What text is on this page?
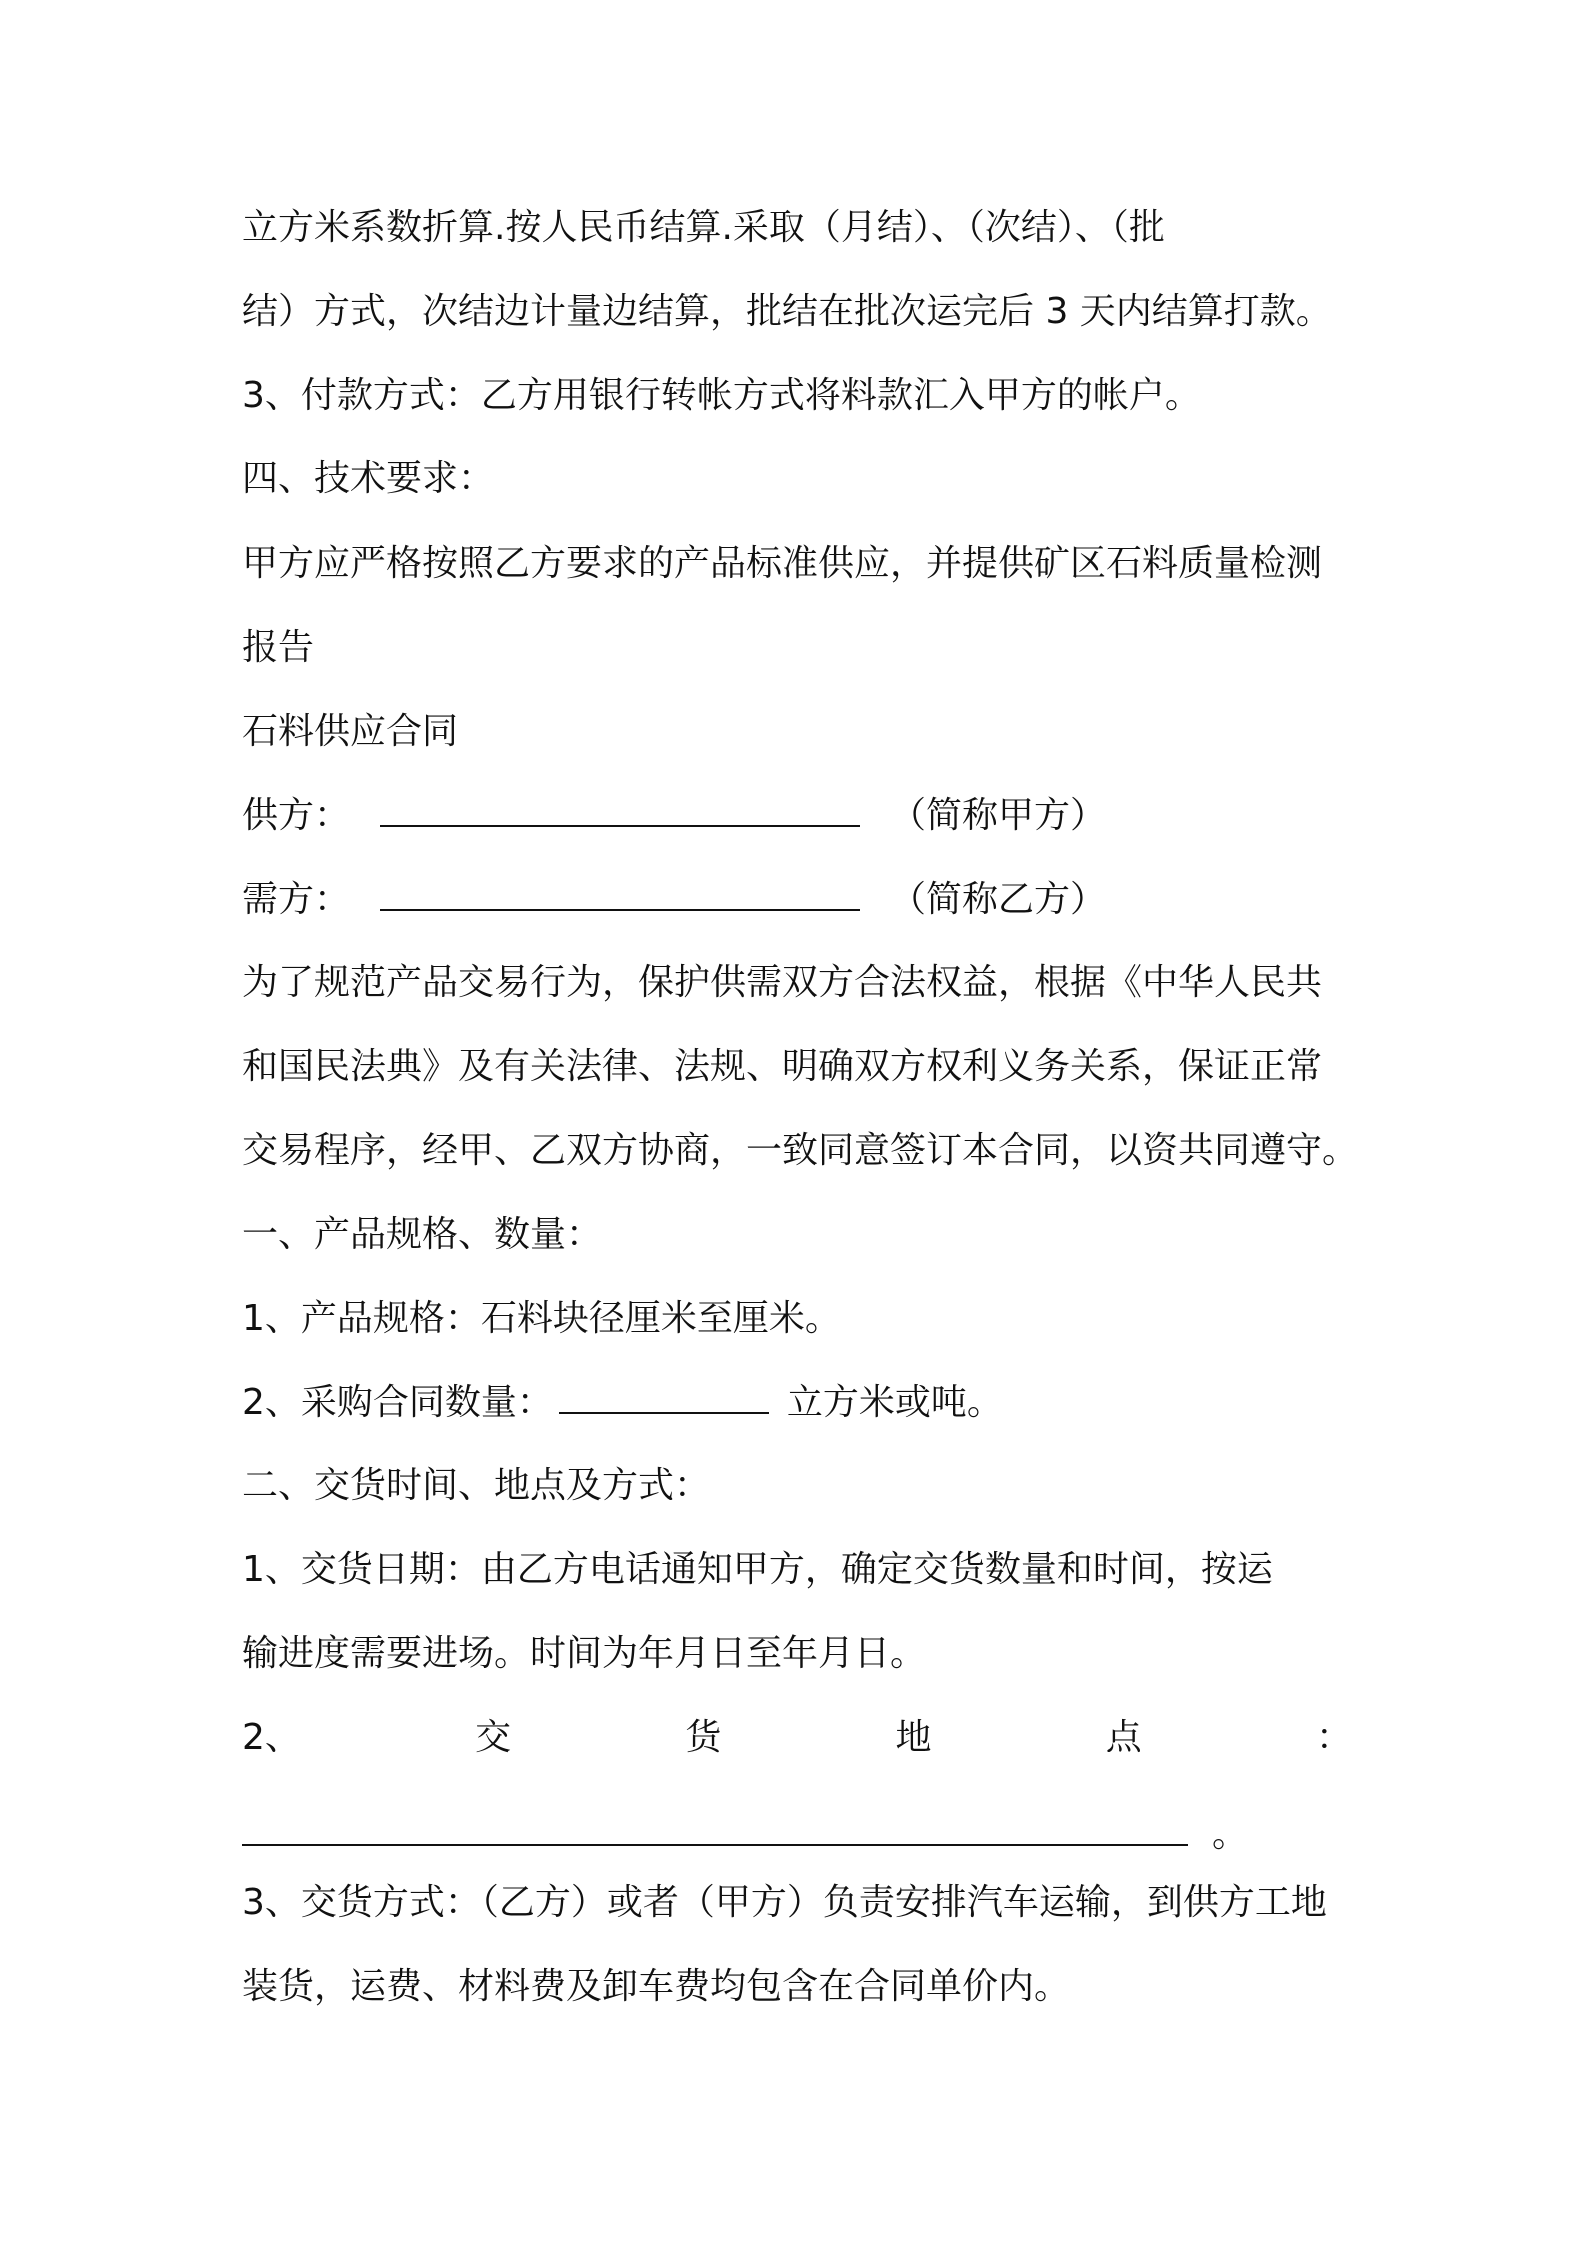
立方米系数折算.按人民币结算.采取（月结）、（次结）、（批

结）方式，次结边计量边结算，批结在批次运完后 3 天内结算打款。

3、付款方式：乙方用银行转帐方式将料款汇入甲方的帐户。

四、技术要求：

甲方应严格按照乙方要求的产品标准供应，并提供矿区石料质量检测

报告

石料供应合同

供方：	（简称甲方）

需方：	（简称乙方）

为了规范产品交易行为，保护供需双方合法权益，根据《中华人民共

和国民法典》及有关法律、法规、明确双方权利义务关系，保证正常

交易程序，经甲、乙双方协商，一致同意签订本合同，以资共同遵守。

一、产品规格、数量：

1、产品规格：石料块径厘米至厘米。

2、采购合同数量：	立方米或吨。

二、交货时间、地点及方式：

1、交货日期：由乙方电话通知甲方，确定交货数量和时间，按运

输进度需要进场。时间为年月日至年月日。

2、	交	货	地	点	：

。

3、交货方式：（乙方）或者（甲方）负责安排汽车运输，到供方工地

装货，运费、材料费及卸车费均包含在合同单价内。
